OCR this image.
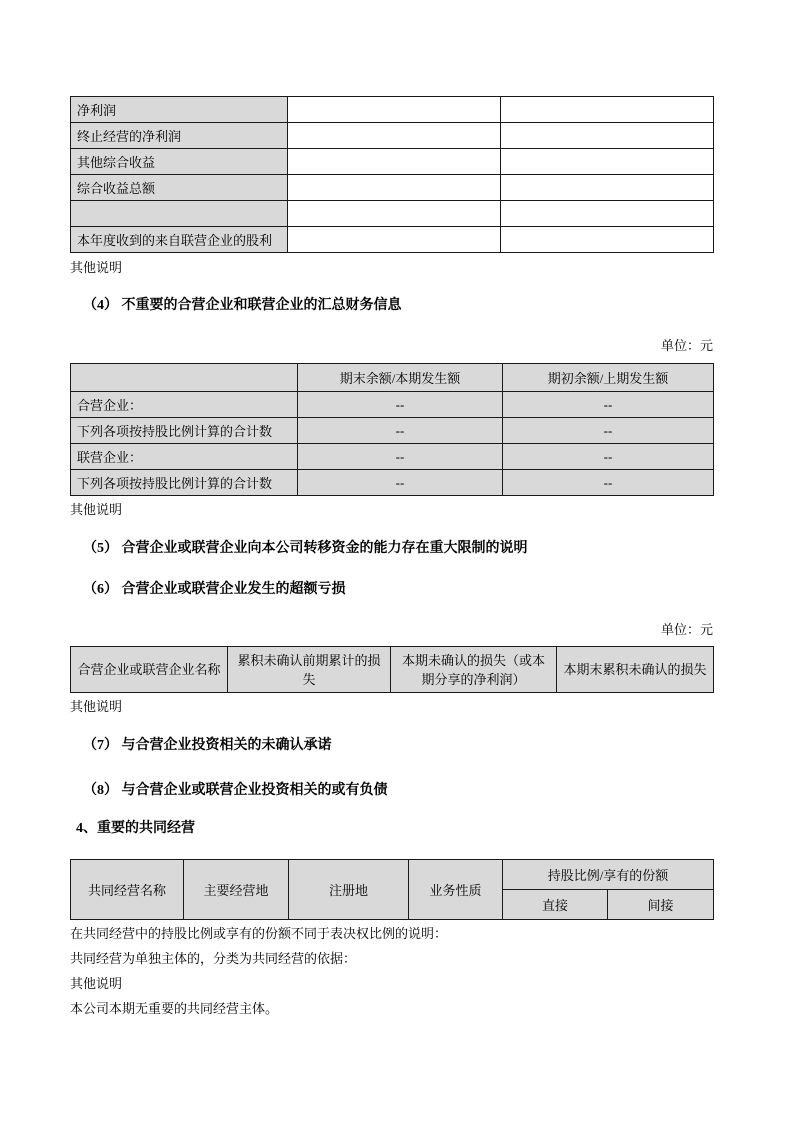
净利润		
终止经营的净利润		
其他综合收益		
综合收益总额		

本年度收到的来自联营企业的股利		

其他说明

（4） 不重要的合营企业和联营企业的汇总财务信息
单位：元
	期末余额/本期发生额	期初余额/上期发生额
合营企业：	--	--
下列各项按持股比例计算的合计数	--	--
联营企业：	--	--
下列各项按持股比例计算的合计数	--	--

其他说明

（5） 合营企业或联营企业向本公司转移资金的能力存在重大限制的说明
（6） 合营企业或联营企业发生的超额亏损
单位：元
合营企业或联营企业名称	累积未确认前期累计的损失	本期未确认的损失（或本期分享的净利润）	本期末累积未确认的损失

其他说明

（7） 与合营企业投资相关的未确认承诺
（8） 与合营企业或联营企业投资相关的或有负债
4、重要的共同经营
共同经营名称	主要经营地	注册地	业务性质	持股比例/享有的份额	
				直接	间接

在共同经营中的持股比例或享有的份额不同于表决权比例的说明：

共同经营为单独主体的，分类为共同经营的依据：

其他说明

本公司本期无重要的共同经营主体。
